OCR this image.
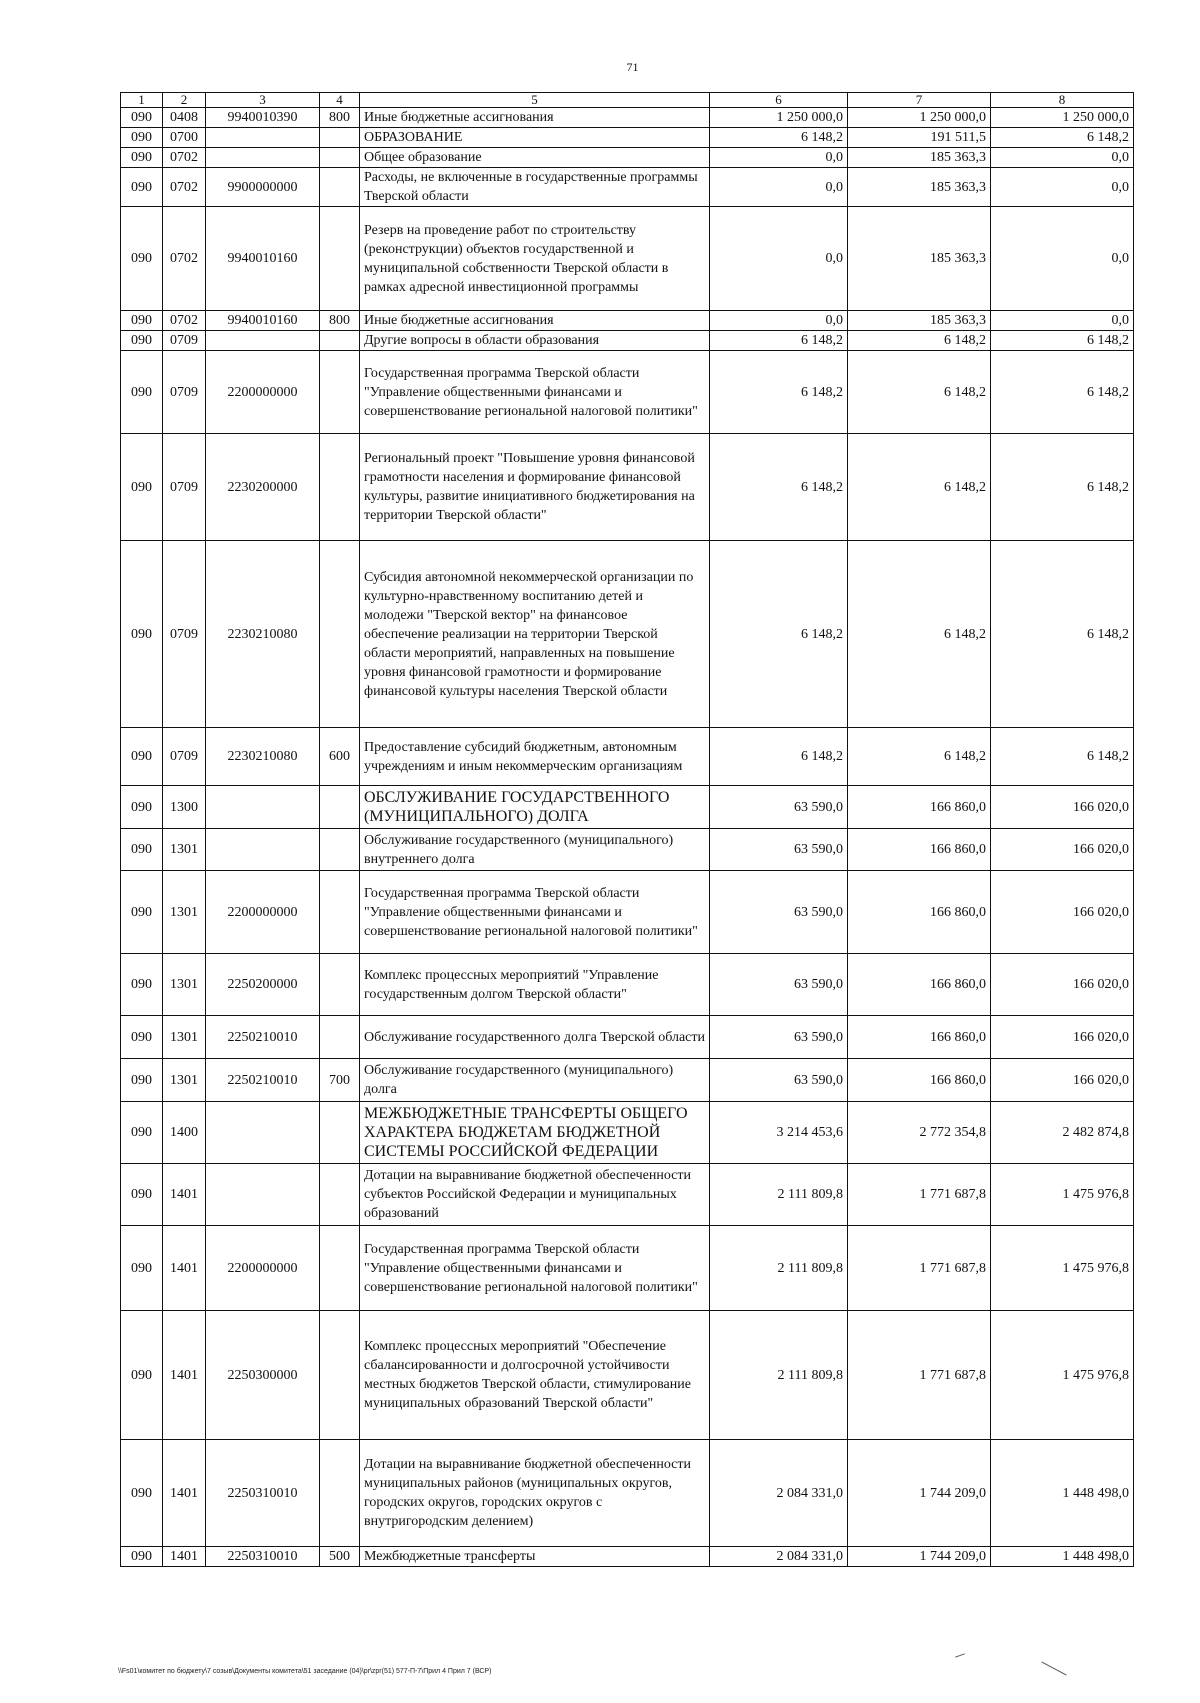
71
1	2	3	4	5	6	7	8
090	0408	9940010390	800	Иные бюджетные ассигнования	1 250 000,0	1 250 000,0	1 250 000,0
090	0700			ОБРАЗОВАНИЕ	6 148,2	191 511,5	6 148,2
090	0702			Общее образование	0,0	185 363,3	0,0
090	0702	9900000000		Расходы, не включенные в государственные программы Тверской области	0,0	185 363,3	0,0
090	0702	9940010160		Резерв на проведение работ по строительству (реконструкции) объектов государственной и муниципальной собственности Тверской области в рамках адресной инвестиционной программы	0,0	185 363,3	0,0
090	0702	9940010160	800	Иные бюджетные ассигнования	0,0	185 363,3	0,0
090	0709			Другие вопросы в области образования	6 148,2	6 148,2	6 148,2
090	0709	2200000000		Государственная программа Тверской области "Управление общественными финансами и совершенствование региональной налоговой политики"	6 148,2	6 148,2	6 148,2
090	0709	2230200000		Региональный проект "Повышение уровня финансовой грамотности населения и формирование финансовой культуры, развитие инициативного бюджетирования на территории Тверской области"	6 148,2	6 148,2	6 148,2
090	0709	2230210080		Субсидия автономной некоммерческой организации по культурно-нравственному воспитанию детей и молодежи "Тверской вектор" на финансовое обеспечение реализации на территории Тверской области мероприятий, направленных на повышение уровня финансовой грамотности и формирование финансовой культуры населения Тверской области	6 148,2	6 148,2	6 148,2
090	0709	2230210080	600	Предоставление субсидий бюджетным, автономным учреждениям и иным некоммерческим организациям	6 148,2	6 148,2	6 148,2
090	1300			ОБСЛУЖИВАНИЕ ГОСУДАРСТВЕННОГО (МУНИЦИПАЛЬНОГО) ДОЛГА	63 590,0	166 860,0	166 020,0
090	1301			Обслуживание государственного (муниципального) внутреннего долга	63 590,0	166 860,0	166 020,0
090	1301	2200000000		Государственная программа Тверской области "Управление общественными финансами и совершенствование региональной налоговой политики"	63 590,0	166 860,0	166 020,0
090	1301	2250200000		Комплекс процессных мероприятий "Управление государственным долгом Тверской области"	63 590,0	166 860,0	166 020,0
090	1301	2250210010		Обслуживание государственного долга Тверской области	63 590,0	166 860,0	166 020,0
090	1301	2250210010	700	Обслуживание государственного (муниципального) долга	63 590,0	166 860,0	166 020,0
090	1400			МЕЖБЮДЖЕТНЫЕ ТРАНСФЕРТЫ ОБЩЕГО ХАРАКТЕРА БЮДЖЕТАМ БЮДЖЕТНОЙ СИСТЕМЫ РОССИЙСКОЙ ФЕДЕРАЦИИ	3 214 453,6	2 772 354,8	2 482 874,8
090	1401			Дотации на выравнивание бюджетной обеспеченности субъектов Российской Федерации и муниципальных образований	2 111 809,8	1 771 687,8	1 475 976,8
090	1401	2200000000		Государственная программа Тверской области "Управление общественными финансами и совершенствование региональной налоговой политики"	2 111 809,8	1 771 687,8	1 475 976,8
090	1401	2250300000		Комплекс процессных мероприятий "Обеспечение сбалансированности и долгосрочной устойчивости местных бюджетов Тверской области, стимулирование муниципальных образований Тверской области"	2 111 809,8	1 771 687,8	1 475 976,8
090	1401	2250310010		Дотации на выравнивание бюджетной обеспеченности муниципальных районов (муниципальных округов, городских округов, городских округов с внутригородским делением)	2 084 331,0	1 744 209,0	1 448 498,0
090	1401	2250310010	500	Межбюджетные трансферты	2 084 331,0	1 744 209,0	1 448 498,0
\\Fs01\комитет по бюджету\7 созыв\Документы комитета\51 заседание (04)\pr\zpr(51) 577-П-7\Прил 4 Прил 7 (ВСР)
